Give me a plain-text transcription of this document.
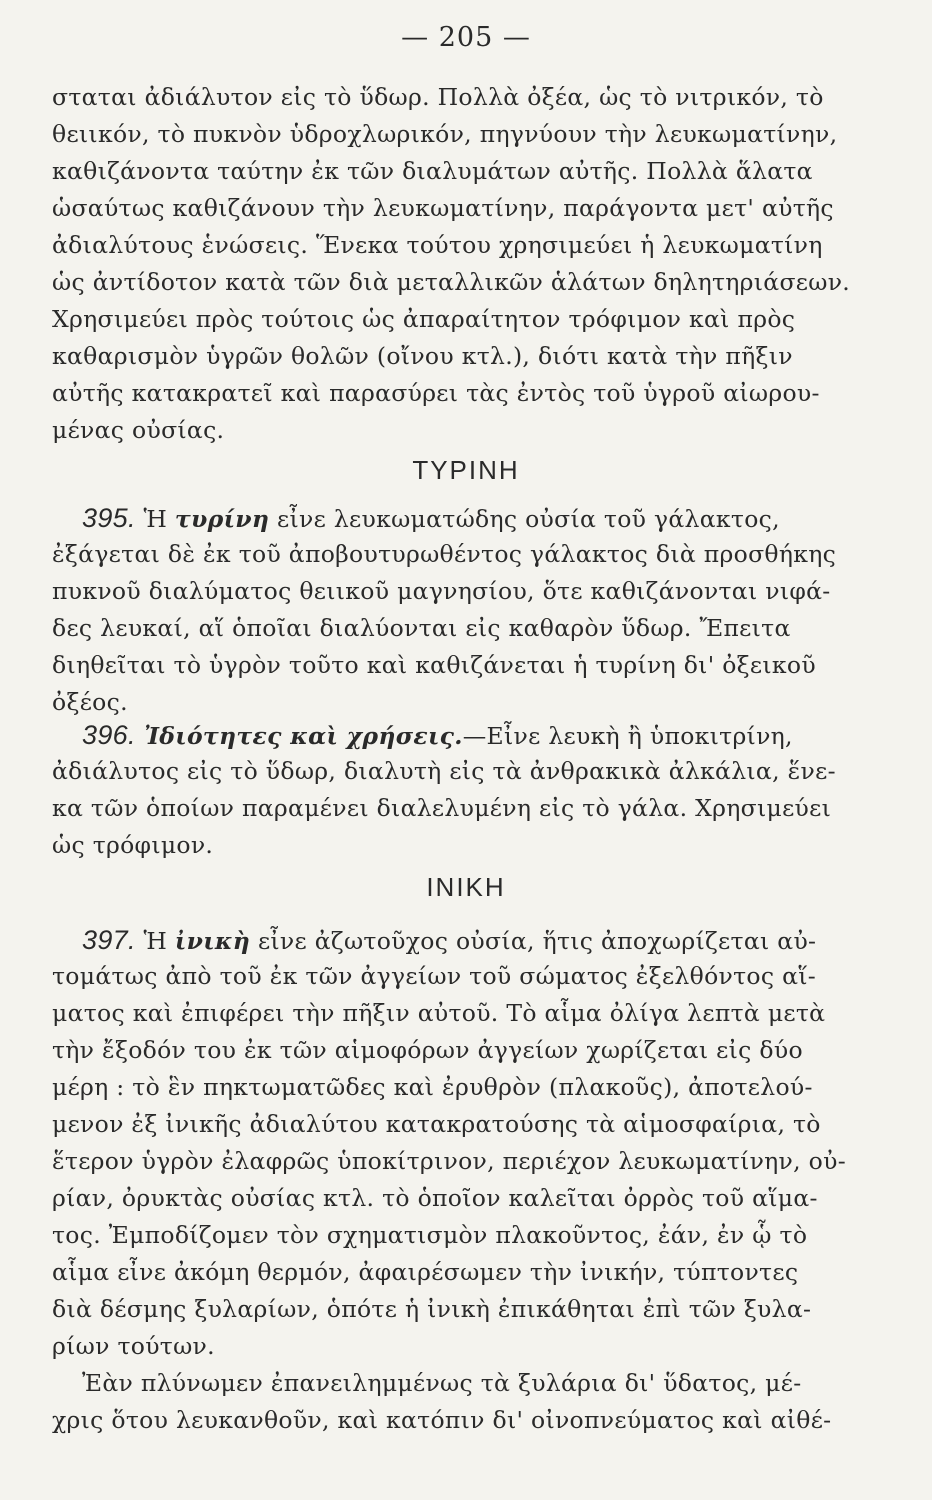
— 205 —
σταται ἀδιάλυτον εἰς τὸ ὕδωρ. Πολλὰ ὀξέα, ὡς τὸ νιτρικόν, τὸ
θειικόν, τὸ πυκνὸν ὑδροχλωρικόν, πηγνύουν τὴν λευκωματίνην,
καθιζάνοντα ταύτην ἐκ τῶν διαλυμάτων αὐτῆς. Πολλὰ ἅλατα
ὡσαύτως καθιζάνουν τὴν λευκωματίνην, παράγοντα μετ' αὐτῆς
ἀδιαλύτους ἑνώσεις. Ἕνεκα τούτου χρησιμεύει ἡ λευκωματίνη
ὡς ἀντίδοτον κατὰ τῶν διὰ μεταλλικῶν ἁλάτων δηλητηριάσεων.
Χρησιμεύει πρὸς τούτοις ὡς ἀπαραίτητον τρόφιμον καὶ πρὸς
καθαρισμὸν ὑγρῶν θολῶν (οἴνου κτλ.), διότι κατὰ τὴν πῆξιν
αὐτῆς κατακρατεῖ καὶ παρασύρει τὰς ἐντὸς τοῦ ὑγροῦ αἰωρου-
μένας οὐσίας.
ΤΥΡΙΝΗ
395. Ἡ τυρίνη εἶνε λευκωματώδης οὐσία τοῦ γάλακτος,
ἐξάγεται δὲ ἐκ τοῦ ἀποβουτυρωθέντος γάλακτος διὰ προσθήκης
πυκνοῦ διαλύματος θειικοῦ μαγνησίου, ὅτε καθιζάνονται νιφά-
δες λευκαί, αἵ ὁποῖαι διαλύονται εἰς καθαρὸν ὕδωρ. Ἔπειτα
διηθεῖται τὸ ὑγρὸν τοῦτο καὶ καθιζάνεται ἡ τυρίνη δι' ὀξεικοῦ
ὀξέος.
396. Ἰδιότητες καὶ χρήσεις.—Εἶνε λευκὴ ἢ ὑποκιτρίνη,
ἀδιάλυτος εἰς τὸ ὕδωρ, διαλυτὴ εἰς τὰ ἀνθρακικὰ ἀλκάλια, ἕνε-
κα τῶν ὁποίων παραμένει διαλελυμένη εἰς τὸ γάλα. Χρησιμεύει
ὡς τρόφιμον.
ΙΝΙΚΗ
397. Ἡ ἰνικὴ εἶνε ἀζωτοῦχος οὐσία, ἥτις ἀποχωρίζεται αὐ-
τομάτως ἀπὸ τοῦ ἐκ τῶν ἀγγείων τοῦ σώματος ἐξελθόντος αἵ-
ματος καὶ ἐπιφέρει τὴν πῆξιν αὐτοῦ. Τὸ αἷμα ὀλίγα λεπτὰ μετὰ
τὴν ἔξοδόν του ἐκ τῶν αἱμοφόρων ἀγγείων χωρίζεται εἰς δύο
μέρη : τὸ ἓν πηκτωματῶδες καὶ ἐρυθρὸν (πλακοῦς), ἀποτελού-
μενον ἐξ ἰνικῆς ἀδιαλύτου κατακρατούσης τὰ αἱμοσφαίρια, τὸ
ἕτερον ὑγρὸν ἐλαφρῶς ὑποκίτρινον, περιέχον λευκωματίνην, οὐ-
ρίαν, ὀρυκτὰς οὐσίας κτλ. τὸ ὁποῖον καλεῖται ὀρρὸς τοῦ αἵμα-
τος. Ἐμποδίζομεν τὸν σχηματισμὸν πλακοῦντος, ἐάν, ἐν ᾧ τὸ
αἷμα εἶνε ἀκόμη θερμόν, ἀφαιρέσωμεν τὴν ἰνικήν, τύπτοντες
διὰ δέσμης ξυλαρίων, ὁπότε ἡ ἰνικὴ ἐπικάθηται ἐπὶ τῶν ξυλα-
ρίων τούτων.
Ἐὰν πλύνωμεν ἐπανειλημμένως τὰ ξυλάρια δι' ὕδατος, μέ-
χρις ὅτου λευκανθοῦν, καὶ κατόπιν δι' οἰνοπνεύματος καὶ αἰθέ-
